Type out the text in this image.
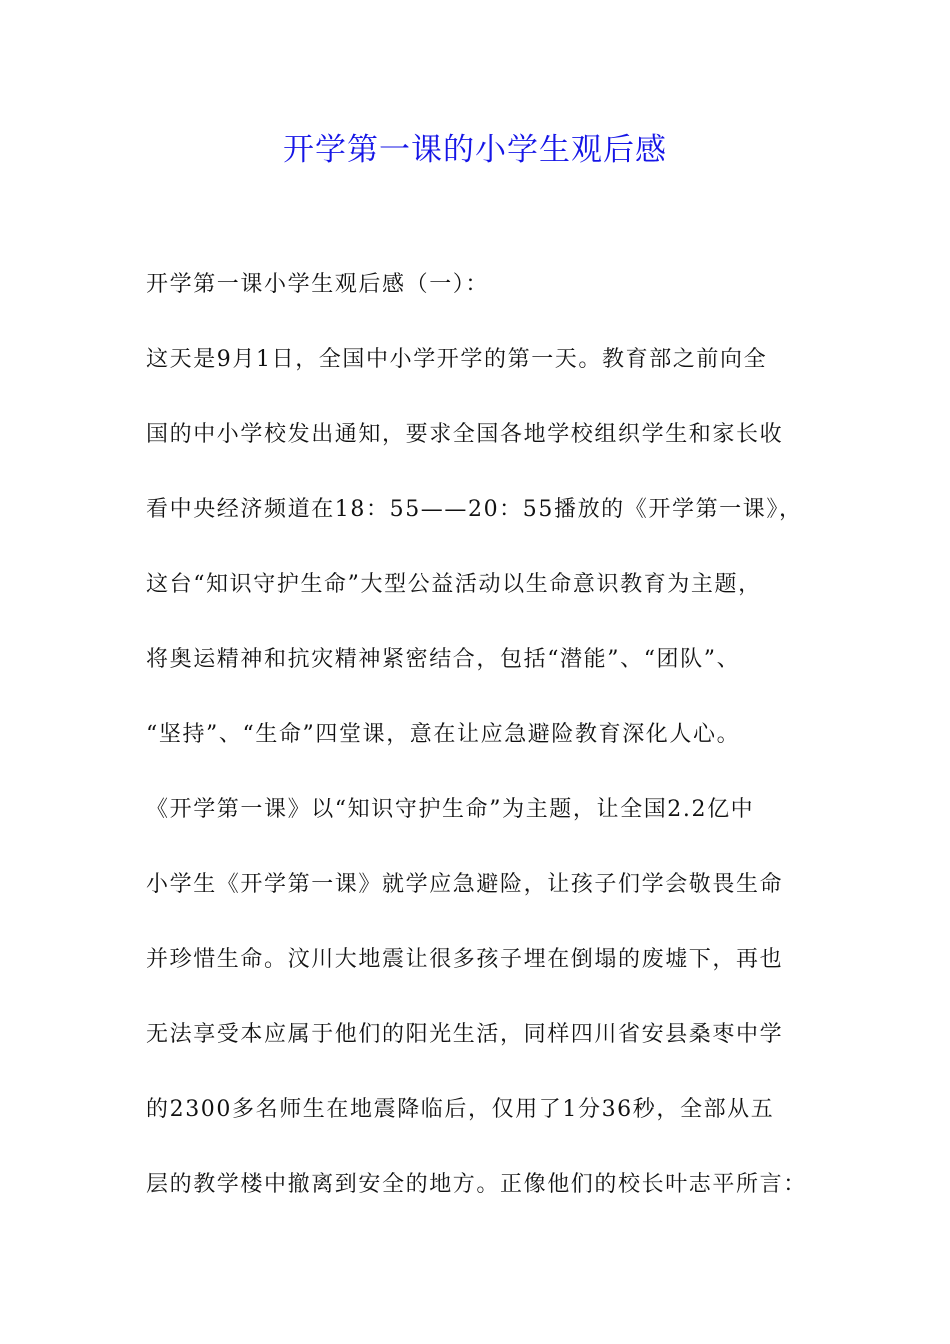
开学第一课的小学生观后感
开学第一课小学生观后感（一）：
这天是9月1日，全国中小学开学的第一天。教育部之前向全
国的中小学校发出通知，要求全国各地学校组织学生和家长收
看中央经济频道在18：55——20：55播放的《开学第一课》，
这台“知识守护生命”大型公益活动以生命意识教育为主题，
将奥运精神和抗灾精神紧密结合，包括“潜能”、“团队”、
“坚持”、“生命”四堂课，意在让应急避险教育深化人心。
《开学第一课》以“知识守护生命”为主题，让全国2.2亿中
小学生《开学第一课》就学应急避险，让孩子们学会敬畏生命
并珍惜生命。汶川大地震让很多孩子埋在倒塌的废墟下，再也
无法享受本应属于他们的阳光生活，同样四川省安县桑枣中学
的2300多名师生在地震降临后，仅用了1分36秒，全部从五
层的教学楼中撤离到安全的地方。正像他们的校长叶志平所言：
